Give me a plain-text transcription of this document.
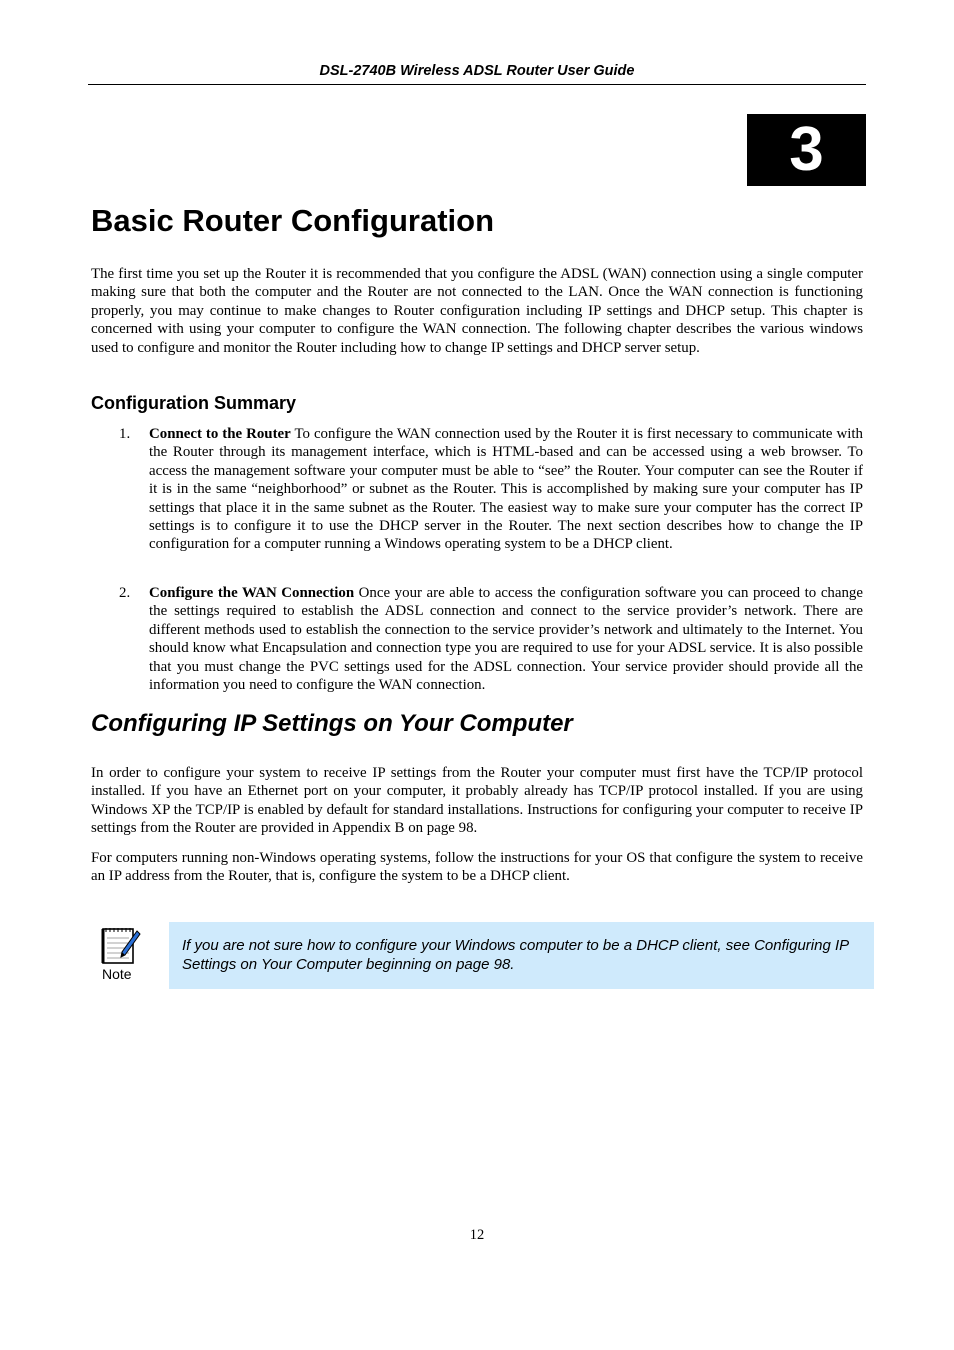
DSL-2740B Wireless ADSL Router User Guide
3
Basic Router Configuration

The first time you set up the Router it is recommended that you configure the ADSL (WAN) connection using a single computer making sure that both the computer and the Router are not connected to the LAN. Once the WAN connection is functioning properly, you may continue to make changes to Router configuration including IP settings and DHCP setup. This chapter is concerned with using your computer to configure the WAN connection. The following chapter describes the various windows used to configure and monitor the Router including how to change IP settings and DHCP server setup.

Configuration Summary
1. Connect to the Router To configure the WAN connection used by the Router it is first necessary to communicate with the Router through its management interface, which is HTML-based and can be accessed using a web browser. To access the management software your computer must be able to “see” the Router. Your computer can see the Router if it is in the same “neighborhood” or subnet as the Router. This is accomplished by making sure your computer has IP settings that place it in the same subnet as the Router. The easiest way to make sure your computer has the correct IP settings is to configure it to use the DHCP server in the Router. The next section describes how to change the IP configuration for a computer running a Windows operating system to be a DHCP client.

2. Configure the WAN Connection Once your are able to access the configuration software you can proceed to change the settings required to establish the ADSL connection and connect to the service provider’s network. There are different methods used to establish the connection to the service provider’s network and ultimately to the Internet. You should know what Encapsulation and connection type you are required to use for your ADSL service. It is also possible that you must change the PVC settings used for the ADSL connection. Your service provider should provide all the information you need to configure the WAN connection.

Configuring IP Settings on Your Computer

In order to configure your system to receive IP settings from the Router your computer must first have the TCP/IP protocol installed. If you have an Ethernet port on your computer, it probably already has TCP/IP protocol installed. If you are using Windows XP the TCP/IP is enabled by default for standard installations. Instructions for configuring your computer to receive IP settings from the Router are provided in Appendix B on page 98.

For computers running non-Windows operating systems, follow the instructions for your OS that configure the system to receive an IP address from the Router, that is, configure the system to be a DHCP client.

Note

If you are not sure how to configure your Windows computer to be a DHCP client, see Configuring IP Settings on Your Computer beginning on page 98.

12
